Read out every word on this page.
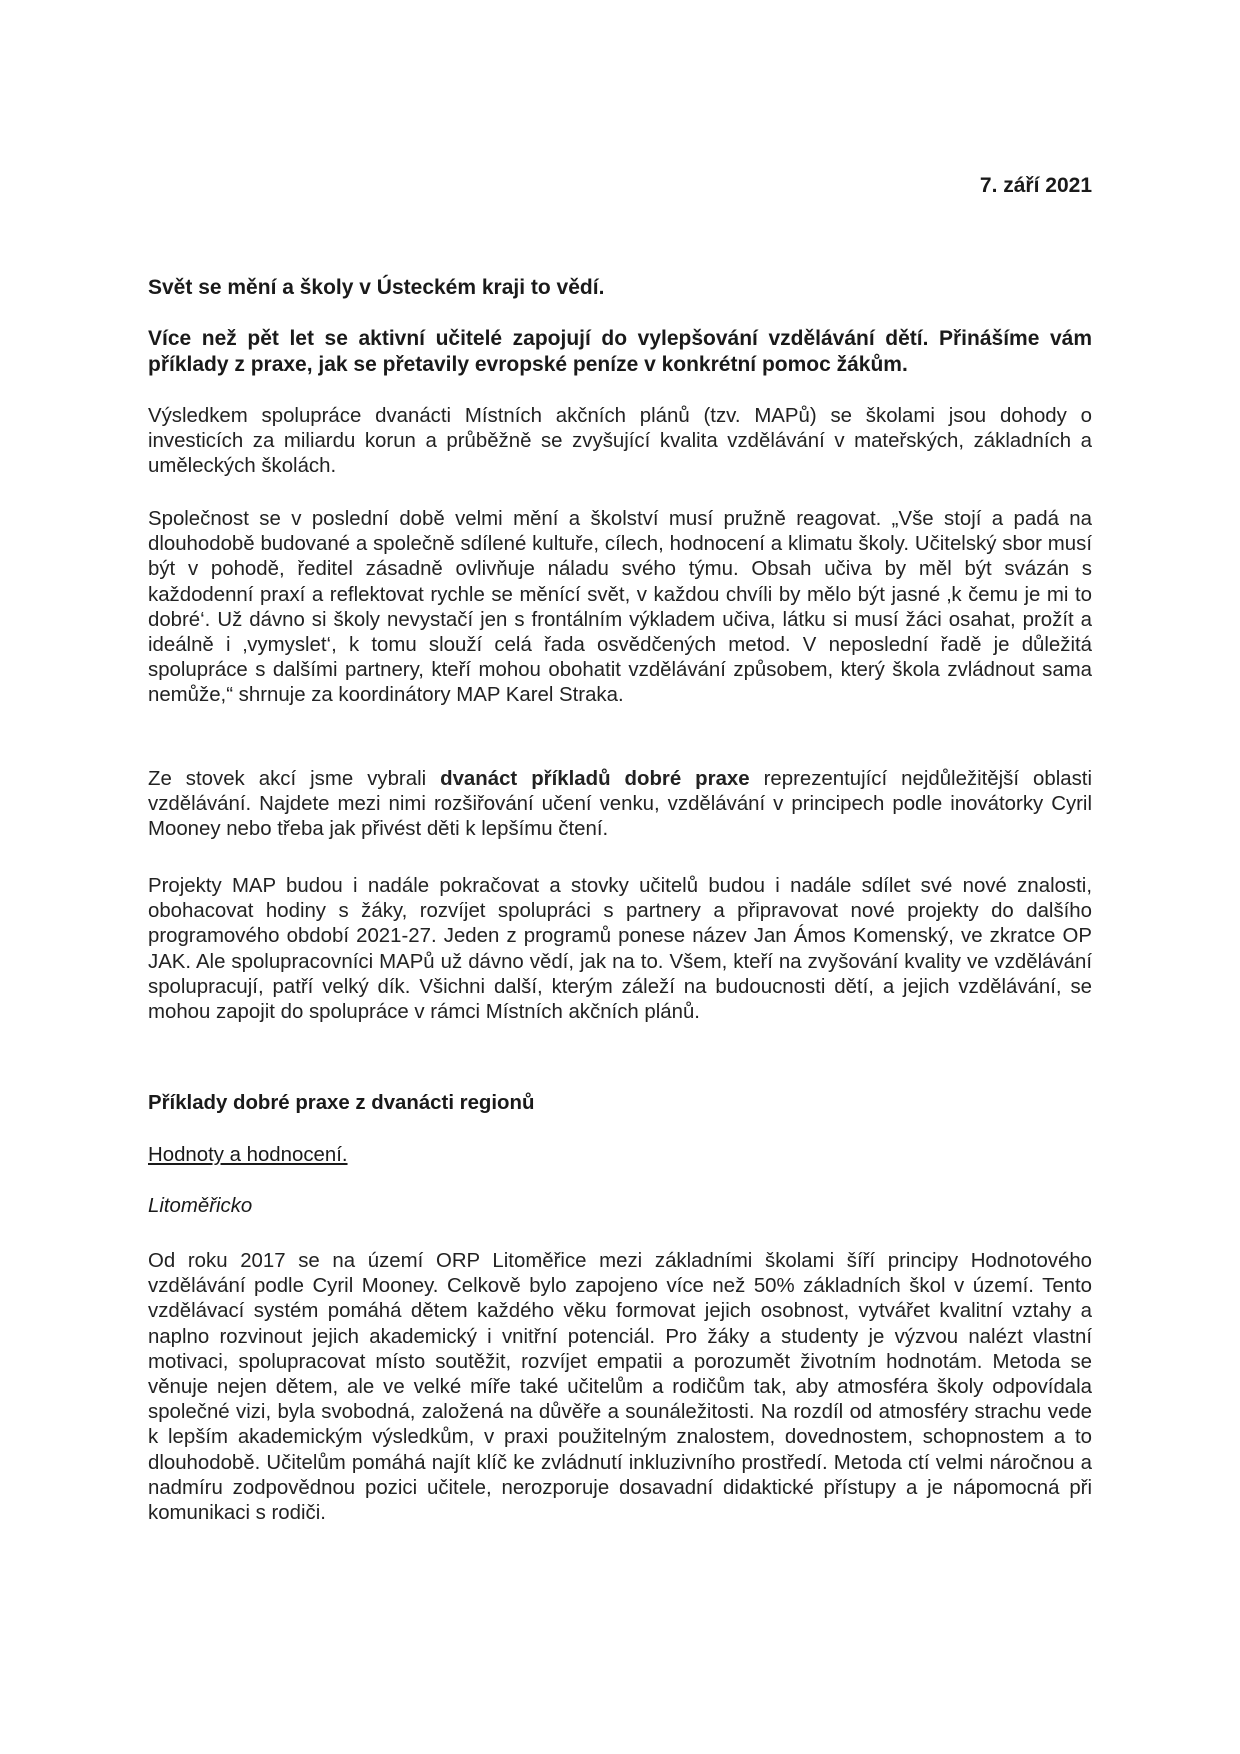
7. září 2021
Svět se mění a školy v Ústeckém kraji to vědí.

Více než pět let se aktivní učitelé zapojují do vylepšování vzdělávání dětí. Přinášíme vám příklady z praxe, jak se přetavily evropské peníze v konkrétní pomoc žákům.

Výsledkem spolupráce dvanácti Místních akčních plánů (tzv. MAPů) se školami jsou dohody o investicích za miliardu korun a průběžně se zvyšující kvalita vzdělávání v mateřských, základních a uměleckých školách.

Společnost se v poslední době velmi mění a školství musí pružně reagovat. „Vše stojí a padá na dlouhodobě budované a společně sdílené kultuře, cílech, hodnocení a klimatu školy. Učitelský sbor musí být v pohodě, ředitel zásadně ovlivňuje náladu svého týmu. Obsah učiva by měl být svázán s každodenní praxí a reflektovat rychle se měnící svět, v každou chvíli by mělo být jasné ‚k čemu je mi to dobré‘. Už dávno si školy nevystačí jen s frontálním výkladem učiva, látku si musí žáci osahat, prožít a ideálně i ‚vymyslet‘, k tomu slouží celá řada osvědčených metod. V neposlední řadě je důležitá spolupráce s dalšími partnery, kteří mohou obohatit vzdělávání způsobem, který škola zvládnout sama nemůže,“ shrnuje za koordinátory MAP Karel Straka.

Ze stovek akcí jsme vybrali dvanáct příkladů dobré praxe reprezentující nejdůležitější oblasti vzdělávání. Najdete mezi nimi rozšiřování učení venku, vzdělávání v principech podle inovátorky Cyril Mooney nebo třeba jak přivést děti k lepšímu čtení.

Projekty MAP budou i nadále pokračovat a stovky učitelů budou i nadále sdílet své nové znalosti, obohacovat hodiny s žáky, rozvíjet spolupráci s partnery a připravovat nové projekty do dalšího programového období 2021-27. Jeden z programů ponese název Jan Ámos Komenský, ve zkratce OP JAK. Ale spolupracovníci MAPů už dávno vědí, jak na to. Všem, kteří na zvyšování kvality ve vzdělávání spolupracují, patří velký dík. Všichni další, kterým záleží na budoucnosti dětí, a jejich vzdělávání, se mohou zapojit do spolupráce v rámci Místních akčních plánů.

Příklady dobré praxe z dvanácti regionů

Hodnoty a hodnocení.

Litoměřicko

Od roku 2017 se na území ORP Litoměřice mezi základními školami šíří principy Hodnotového vzdělávání podle Cyril Mooney. Celkově bylo zapojeno více než 50% základních škol v území. Tento vzdělávací systém pomáhá dětem každého věku formovat jejich osobnost, vytvářet kvalitní vztahy a naplno rozvinout jejich akademický i vnitřní potenciál. Pro žáky a studenty je výzvou nalézt vlastní motivaci, spolupracovat místo soutěžit, rozvíjet empatii a porozumět životním hodnotám. Metoda se věnuje nejen dětem, ale ve velké míře také učitelům a rodičům tak, aby atmosféra školy odpovídala společné vizi, byla svobodná, založená na důvěře a sounáležitosti. Na rozdíl od atmosféry strachu vede k lepším akademickým výsledkům, v praxi použitelným znalostem, dovednostem, schopnostem a to dlouhodobě. Učitelům pomáhá najít klíč ke zvládnutí inkluzivního prostředí. Metoda ctí velmi náročnou a nadmíru zodpovědnou pozici učitele, nerozporuje dosavadní didaktické přístupy a je nápomocná při komunikaci s rodiči.
